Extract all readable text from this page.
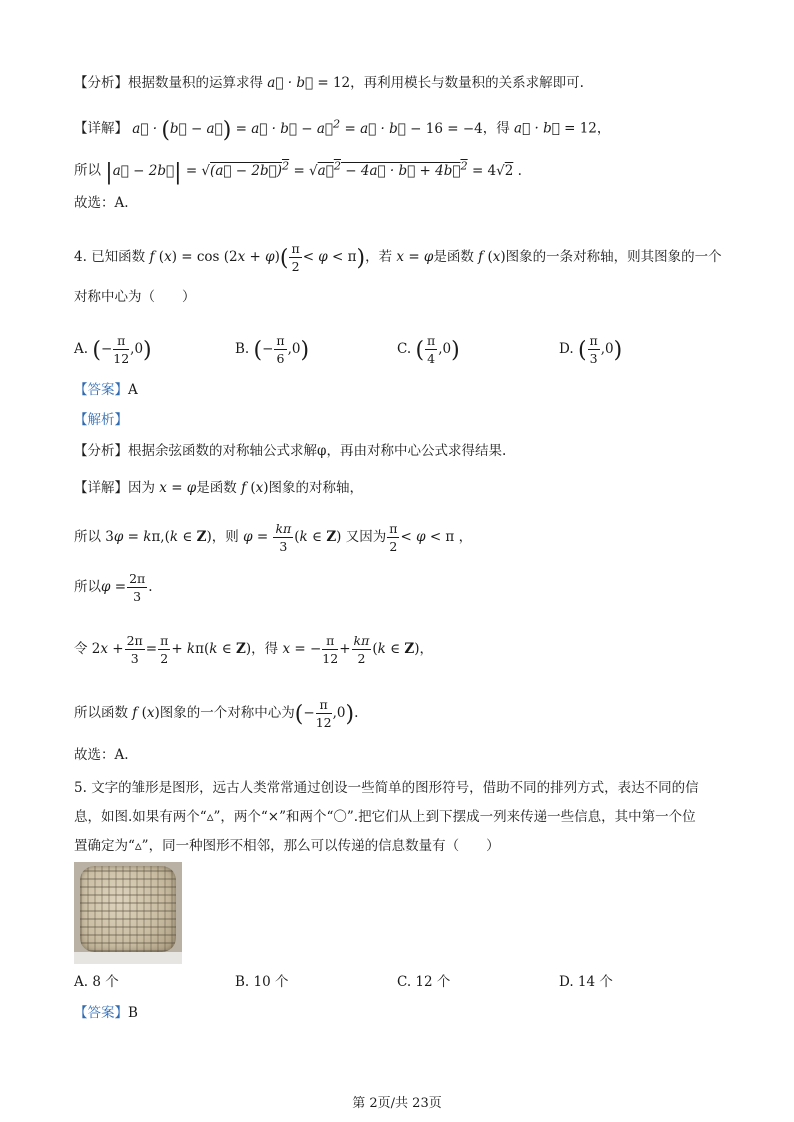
【分析】根据数量积的运算求得 a⃗ · b⃗ = 12，再利用模长与数量积的关系求解即可.
【详解】 a⃗ · (b⃗ − a⃗) = a⃗ · b⃗ − a⃗$^2$ = a⃗ · b⃗ − 16 = −4，得 a⃗ · b⃗ = 12，
所以 |a⃗ − 2b⃗| = √(a⃗ − 2b⃗)$^2$ = √a⃗$^2$ − 4a⃗ · b⃗ + 4b⃗$^2$ = 4√2 .
故选：A.
4. 已知函数 f $(x) = \cos (2x + \varphi)( \frac{\pi}{2} < \varphi < \pi)$，若 x = φ是函数 f (x)图象的一条对称轴，则其图象的一个
对称中心为（　　）
A. (− $\frac{\pi}{12} ,0$)	B. (− $\frac{\pi}{6} ,0$)	C. ( $\frac{\pi}{4} ,0$)	D. ( $\frac{\pi}{3} ,0$)
【答案】A
【解析】
【分析】根据余弦函数的对称轴公式求解φ，再由对称中心公式求得结果.
【详解】因为 x = φ是函数 f (x)图象的对称轴，
所以 3φ = kπ,(k ∈ Z)，则 $\varphi = \frac{k\pi}{3} (k$ ∈ Z) 又因为 $\frac{\pi}{2} < \varphi < \pi$ ，
所以$\varphi = \frac{2\pi}{3}$ .
令 $2x + \frac{2\pi}{3} = \frac{\pi}{2} + k\pi(k$ ∈ Z)，得 x = − $\frac{\pi}{12} + \frac{k\pi}{2} (k$ ∈ Z)，
所以函数 f (x)图象的一个对称中心为(− $\frac{\pi}{12} ,0$).
故选：A.
5. 文字的雏形是图形，远古人类常常通过创设一些简单的图形符号，借助不同的排列方式，表达不同的信
息，如图.如果有两个“▵”，两个“×”和两个“〇”.把它们从上到下摆成一列来传递一些信息，其中第一个位
置确定为“▵”，同一种图形不相邻，那么可以传递的信息数量有（　　）
A. 8 个	B. 10 个	C. 12 个	D. 14 个
【答案】B
第 2页/共 23页
